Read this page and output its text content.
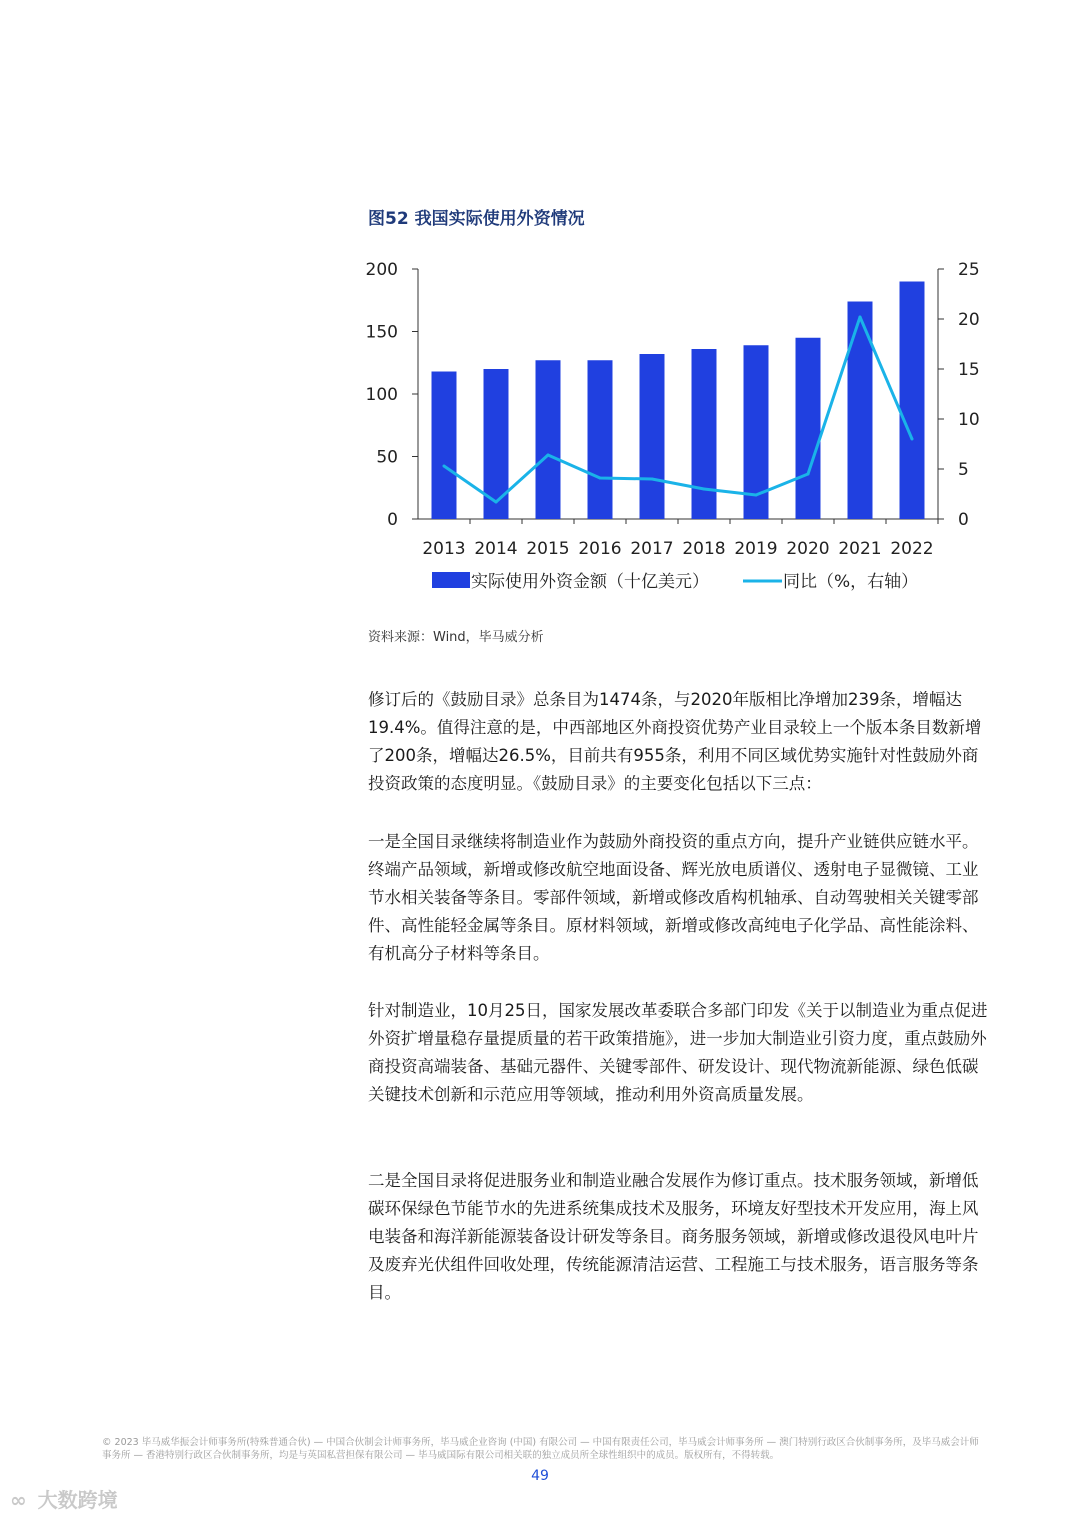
图52 我国实际使用外资情况
0
50
100
150
200
0
5
10
15
20
25
2013 2014 2015 2016 2017 2018 2019 2020 2021 2022
实际使用外资金额（十亿美元）	同比（%，右轴）
资料来源：Wind，毕马威分析
修订后的《鼓励目录》总条目为1474条，与2020年版相比净增加239条，增幅达19.4%。值得注意的是，中西部地区外商投资优势产业目录较上一个版本条目数新增了200条，增幅达26.5%，目前共有955条，利用不同区域优势实施针对性鼓励外商投资政策的态度明显。《鼓励目录》的主要变化包括以下三点：
一是全国目录继续将制造业作为鼓励外商投资的重点方向，提升产业链供应链水平。终端产品领域，新增或修改航空地面设备、辉光放电质谱仪、透射电子显微镜、工业节水相关装备等条目。零部件领域，新增或修改盾构机轴承、自动驾驶相关关键零部件、高性能轻金属等条目。原材料领域，新增或修改高纯电子化学品、高性能涂料、有机高分子材料等条目。
针对制造业，10月25日，国家发展改革委联合多部门印发《关于以制造业为重点促进外资扩增量稳存量提质量的若干政策措施》，进一步加大制造业引资力度，重点鼓励外商投资高端装备、基础元器件、关键零部件、研发设计、现代物流新能源、绿色低碳关键技术创新和示范应用等领域，推动利用外资高质量发展。
二是全国目录将促进服务业和制造业融合发展作为修订重点。技术服务领域，新增低碳环保绿色节能节水的先进系统集成技术及服务，环境友好型技术开发应用，海上风电装备和海洋新能源装备设计研发等条目。商务服务领域，新增或修改退役风电叶片及废弃光伏组件回收处理，传统能源清洁运营、工程施工与技术服务，语言服务等条目。
© 2023 毕马威华振会计师事务所(特殊普通合伙) — 中国合伙制会计师事务所，毕马威企业咨询 (中国) 有限公司 — 中国有限责任公司，毕马威会计师事务所 — 澳门特别行政区合伙制事务所，及毕马威会计师事务所 — 香港特别行政区合伙制事务所，均是与英国私营担保有限公司 — 毕马威国际有限公司相关联的独立成员所全球性组织中的成员。版权所有，不得转载。
49
∞ 大数跨境
